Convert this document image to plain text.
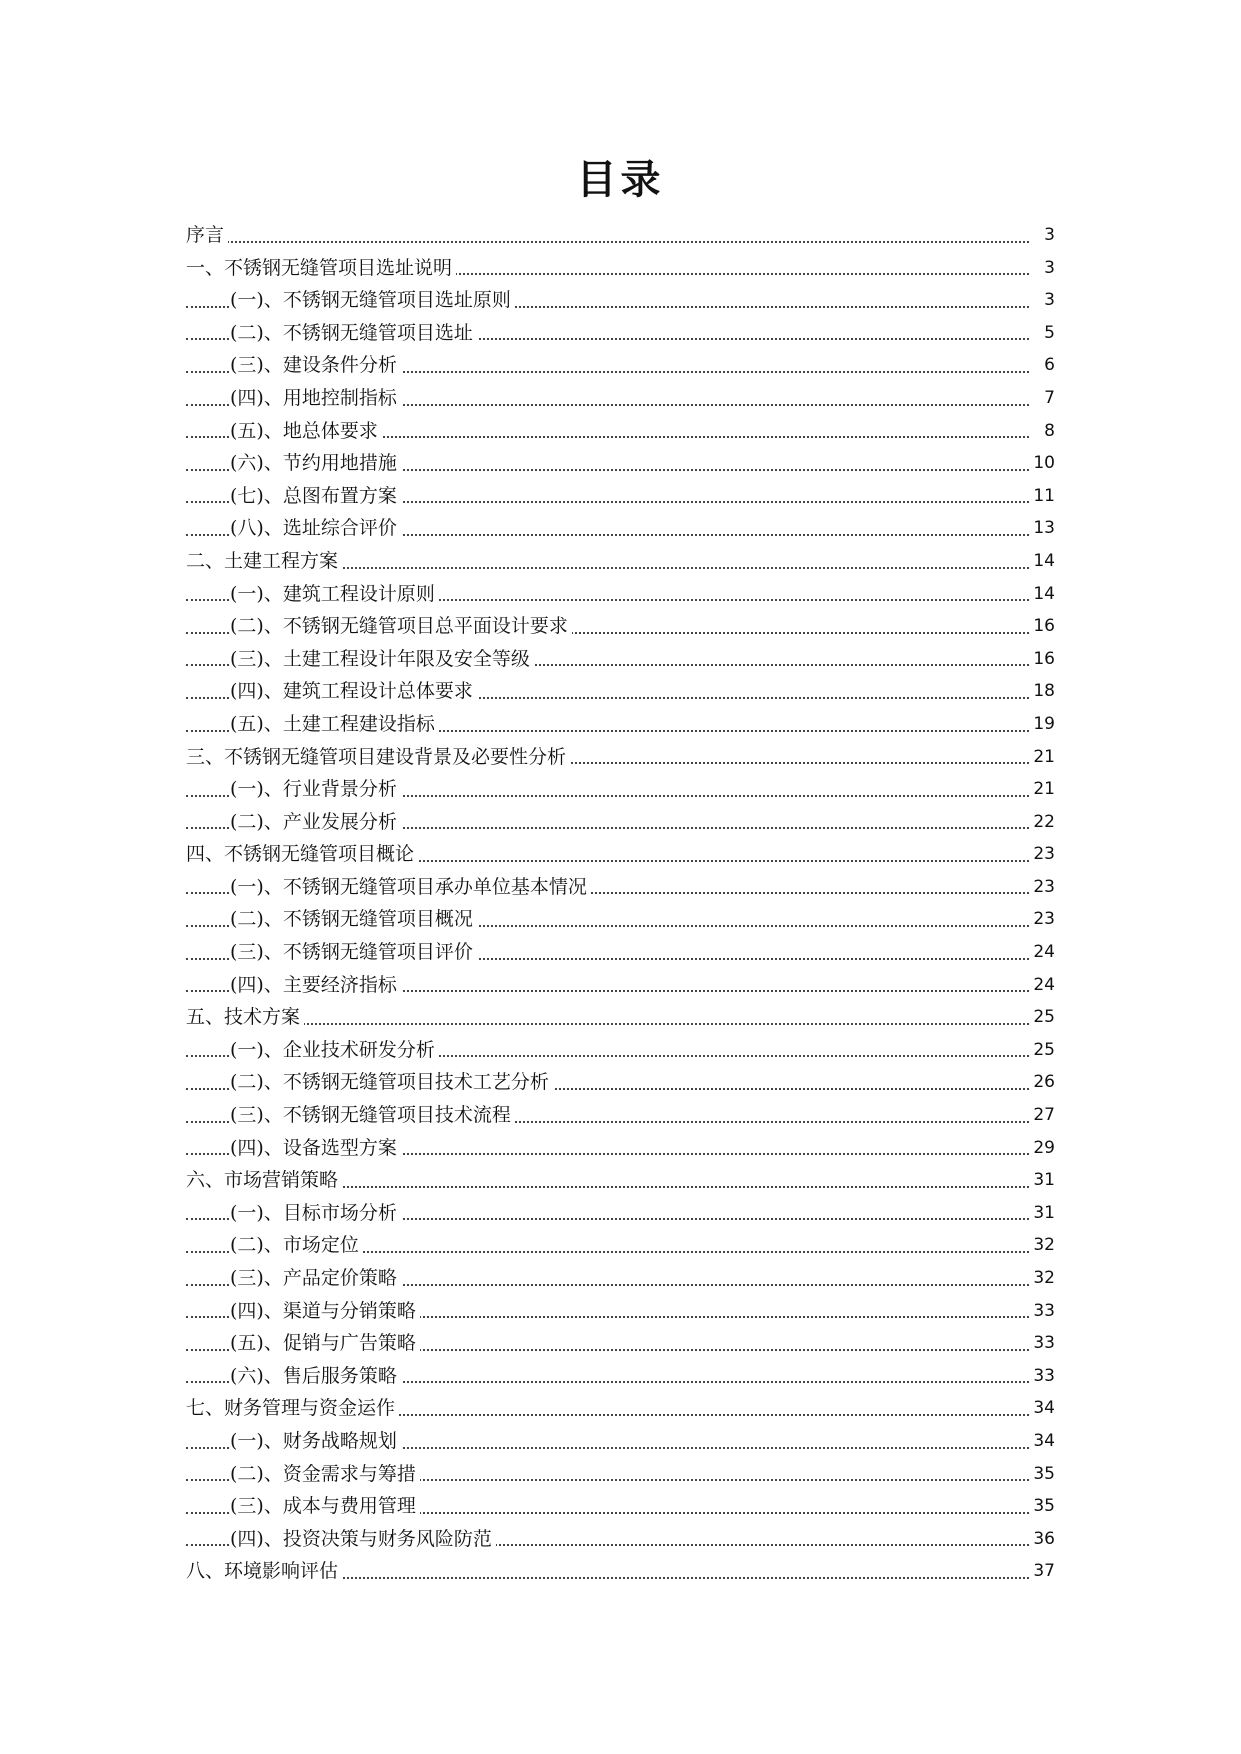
目录
序言	3
一、不锈钢无缝管项目选址说明	3
(一)、不锈钢无缝管项目选址原则	3
(二)、不锈钢无缝管项目选址	5
(三)、建设条件分析	6
(四)、用地控制指标	7
(五)、地总体要求	8
(六)、节约用地措施	10
(七)、总图布置方案	11
(八)、选址综合评价	13
二、土建工程方案	14
(一)、建筑工程设计原则	14
(二)、不锈钢无缝管项目总平面设计要求	16
(三)、土建工程设计年限及安全等级	16
(四)、建筑工程设计总体要求	18
(五)、土建工程建设指标	19
三、不锈钢无缝管项目建设背景及必要性分析	21
(一)、行业背景分析	21
(二)、产业发展分析	22
四、不锈钢无缝管项目概论	23
(一)、不锈钢无缝管项目承办单位基本情况	23
(二)、不锈钢无缝管项目概况	23
(三)、不锈钢无缝管项目评价	24
(四)、主要经济指标	24
五、技术方案	25
(一)、企业技术研发分析	25
(二)、不锈钢无缝管项目技术工艺分析	26
(三)、不锈钢无缝管项目技术流程	27
(四)、设备选型方案	29
六、市场营销策略	31
(一)、目标市场分析	31
(二)、市场定位	32
(三)、产品定价策略	32
(四)、渠道与分销策略	33
(五)、促销与广告策略	33
(六)、售后服务策略	33
七、财务管理与资金运作	34
(一)、财务战略规划	34
(二)、资金需求与筹措	35
(三)、成本与费用管理	35
(四)、投资决策与财务风险防范	36
八、环境影响评估	37
